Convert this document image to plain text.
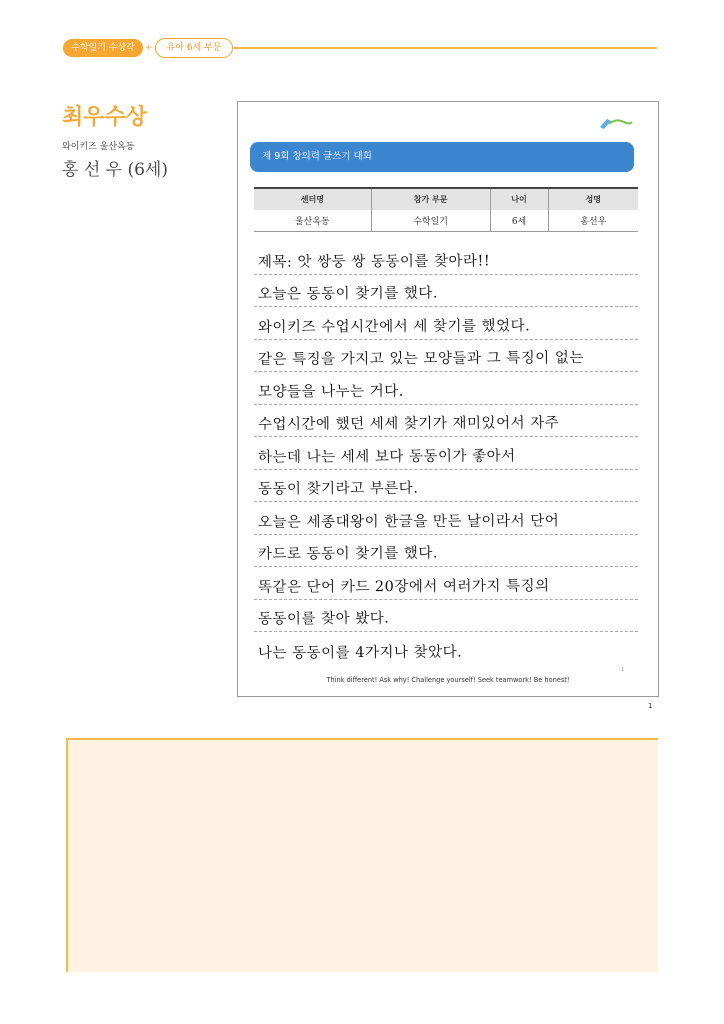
수학일기 수상작	+	유아 6세 부문
최우수상
와이키즈 울산옥동
홍 선 우 (6세)
제 9회 창의력 글쓰기 대회
센터명	참가 부문	나이	성명
울산옥동	수학일기	6세	홍선우
제목: 앗 쌍둥 쌍 동동이를 찾아라!!
오늘은 동동이 찾기를 했다.
와이키즈 수업시간에서 세 찾기를 했었다.
같은 특징을 가지고 있는 모양들과 그 특징이 없는
모양들을 나누는 거다.
수업시간에 했던 세세 찾기가 재미있어서 자주
하는데 나는 세세 보다 동동이가 좋아서
동동이 찾기라고 부른다.
오늘은 세종대왕이 한글을 만든 날이라서 단어
카드로 동동이 찾기를 했다.
똑같은 단어 카드 20장에서 여러가지 특징의
동동이를 찾아 봤다.
나는 동동이를 4가지나 찾았다.
1
Think different! Ask why! Challenge yourself! Seek teamwork! Be honest!
1
